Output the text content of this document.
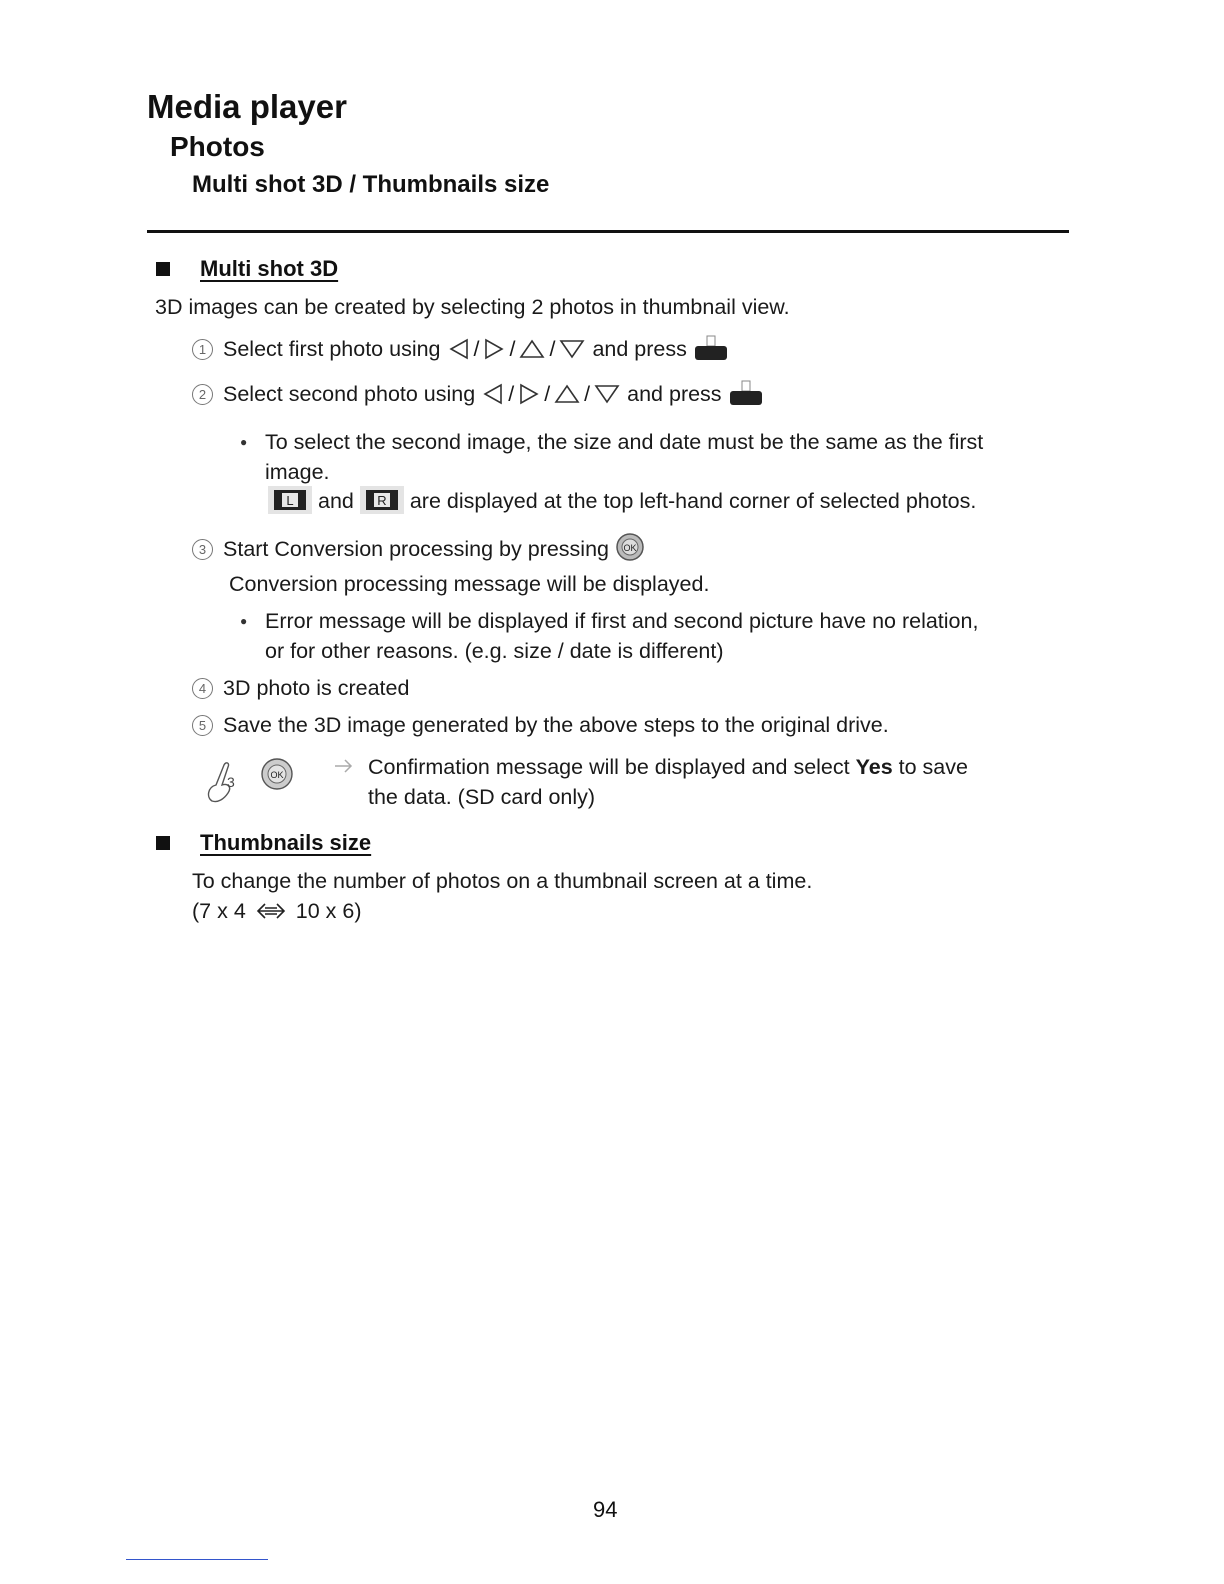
Media player
Photos
Multi shot 3D / Thumbnails size
Multi shot 3D
3D images can be created by selecting 2 photos in thumbnail view.
1 Select first photo using / / / and press
2 Select second photo using / / / and press
● To select the second image, the size and date must be the same as the first
image.
L and R are displayed at the top left-hand corner of selected photos.
3 Start Conversion processing by pressing OK
Conversion processing message will be displayed.
● Error message will be displayed if first and second picture have no relation,
or for other reasons. (e.g. size / date is different)
4 3D photo is created
5 Save the 3D image generated by the above steps to the original drive.
3	OK	Confirmation message will be displayed and select Yes to save
the data. (SD card only)
Thumbnails size
To change the number of photos on a thumbnail screen at a time.
(7 x 4 10 x 6)
94
